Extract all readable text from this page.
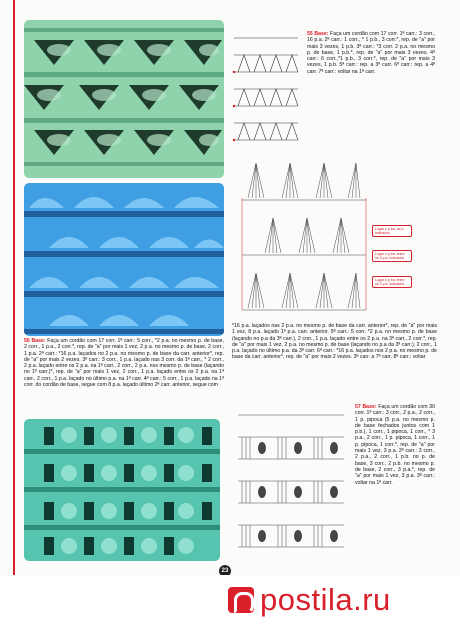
56 Base: Faça um cordão com 17 corr. 1ª carr.: 5 corr., *2 p.a. no mesmo p. de base, 2 corr., 1 p.a., 2 corr.*, rep. de "a" por mais 1 vez, 2 p.a. no mesmo p. de base, 2 corr., 1 p.a. 2ª carr.: *16 p.a. laçados no 2 p.a. no mesmo p. de base da carr. anterior*, rep. de "a" por mais 2 vezes. 3ª carr.: 3 corr., 1 p.a. laçado nas 3 corr. da 1ª carr., * 2 corr., 2 p.a. laçado entre os 2 p.a. na 1ª carr., 2 corr., 2 p.a. nos mesmo p. de base (laçando no 1ª carr.)*, rep. de "a" por mais 1 vez, 2 corr., 1 p.a. laçado entre os 2 p.a. na 1ª carr., 2 corr., 1 p.a. laçado no último p.a. na 1ª carr. 4ª carr.: 5 corr., 1 p.a. laçado na 1ª corr. do cordão de base, segue com 8 p.a. laçado último 2ª carr. anterior, segue com
55 Base: Faça um cordão com 17 corr. 1ª carr.: 3 corr., 16 p.a. 2ª carr.: 1 corr., * 1 p.b., 3 corr.*, rep. de "a" por mais 3 vezes, 1 p.b. 3ª carr.: *3 corr. 2 p.a. no mesmo p. de base, 1 p.b.*, rep. de "a" por mais 3 vezes. 4ª carr.: 6 corr.,*1 p.b., 3 corr.*, rep. de "a" por mais 3 vezes, 1 p.b. 5ª carr.: rep. a 3ª carr. 6ª carr.: rep. a 4ª carr. 7ª carr.: voltar na 1ª carr.
Lugar o p.ba. na p. indicados
Lugar o p.ba. entre os 3 p.a. indicados
Lugar o p.ba. entre os 3 p.a. indicados
*16 p.a. laçados nas 2 p.a. no mesmo p. de base da carr. anterior*, rep. de "a" por mais 1 vez, 8 p.a. laçado 1ª p.a. carr. anterior. 5ª carr.: 5 corr. *2 p.a. no mesmo p. de base (laçando no p.a da 3ª carr.), 2 corr., 1 p.a. laçado entre os 2 p.a. na 3ª carr., 2 corr.*, rep. de "a" por mais 1 vez, 2 p.a. no mesmo p. de base (laçando no p.a da 3ª carr.), 2 corr., 1 p.a. laçado no último p.a. da 3ª carr. 6ª carr.: *16 p.a. laçados nos 2 p.a. no mesmo p. de base da carr. anterior*, rep. de "a" por mais 2 vezes. 3ª carr. a 7ª carr. 8ª carr.: voltar
57 Base: Faça um cordão com 30 corr. 1ª carr.: 3 corr., 2 p.a., 2 corr., 1 p. pipoca (5 p.a. no mesmo p. de base fechados juntos com 1 p.b.), 1 corr., 1 pipoca, 1 corr., * 3 p.a., 2 corr., 1 p. pipoca, 1 corr., 1 p. pipoca, 1 corr.*, rep. de "a" por mais 1 vez, 3 p.a. 2ª carr.: 3 corr., 2 p.a., 2 corr., 1 p.b. no p. de base, 3 corr., 2 p.b. no mesmo p. de base, 2 corr., 3 p.a.*, rep. de "a" por mais 1 vez, 3 p.a. 3ª carr.: voltar na 1ª carr.
23
postila.ru
